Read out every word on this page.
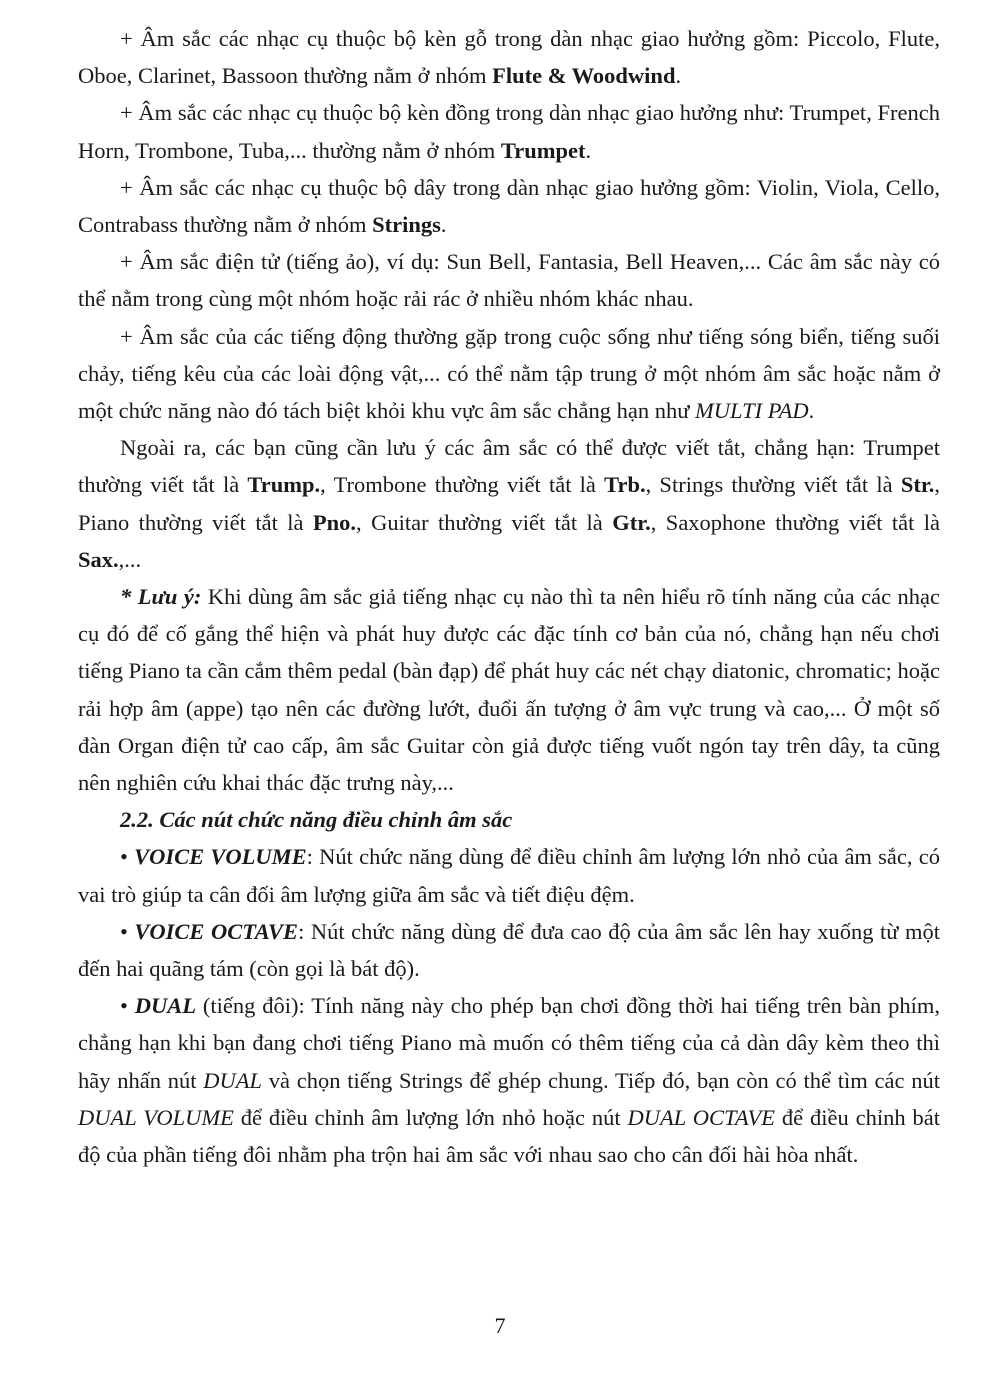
+ Âm sắc các nhạc cụ thuộc bộ kèn gỗ trong dàn nhạc giao hưởng gồm: Piccolo, Flute, Oboe, Clarinet, Bassoon thường nằm ở nhóm Flute & Woodwind.

+ Âm sắc các nhạc cụ thuộc bộ kèn đồng trong dàn nhạc giao hưởng như: Trumpet, French Horn, Trombone, Tuba,... thường nằm ở nhóm Trumpet.

+ Âm sắc các nhạc cụ thuộc bộ dây trong dàn nhạc giao hưởng gồm: Violin, Viola, Cello, Contrabass thường nằm ở nhóm Strings.

+ Âm sắc điện tử (tiếng ảo), ví dụ: Sun Bell, Fantasia, Bell Heaven,... Các âm sắc này có thể nằm trong cùng một nhóm hoặc rải rác ở nhiều nhóm khác nhau.

+ Âm sắc của các tiếng động thường gặp trong cuộc sống như tiếng sóng biển, tiếng suối chảy, tiếng kêu của các loài động vật,... có thể nằm tập trung ở một nhóm âm sắc hoặc nằm ở một chức năng nào đó tách biệt khỏi khu vực âm sắc chẳng hạn như MULTI PAD.

Ngoài ra, các bạn cũng cần lưu ý các âm sắc có thể được viết tắt, chẳng hạn: Trumpet thường viết tắt là Trump., Trombone thường viết tắt là Trb., Strings thường viết tắt là Str., Piano thường viết tắt là Pno., Guitar thường viết tắt là Gtr., Saxophone thường viết tắt là Sax.,...

* Lưu ý: Khi dùng âm sắc giả tiếng nhạc cụ nào thì ta nên hiểu rõ tính năng của các nhạc cụ đó để cố gắng thể hiện và phát huy được các đặc tính cơ bản của nó, chẳng hạn nếu chơi tiếng Piano ta cần cắm thêm pedal (bàn đạp) để phát huy các nét chạy diatonic, chromatic; hoặc rải hợp âm (appe) tạo nên các đường lướt, đuổi ấn tượng ở âm vực trung và cao,... Ở một số đàn Organ điện tử cao cấp, âm sắc Guitar còn giả được tiếng vuốt ngón tay trên dây, ta cũng nên nghiên cứu khai thác đặc trưng này,...

2.2. Các nút chức năng điều chỉnh âm sắc

• VOICE VOLUME: Nút chức năng dùng để điều chỉnh âm lượng lớn nhỏ của âm sắc, có vai trò giúp ta cân đối âm lượng giữa âm sắc và tiết điệu đệm.

• VOICE OCTAVE: Nút chức năng dùng để đưa cao độ của âm sắc lên hay xuống từ một đến hai quãng tám (còn gọi là bát độ).

• DUAL (tiếng đôi): Tính năng này cho phép bạn chơi đồng thời hai tiếng trên bàn phím, chẳng hạn khi bạn đang chơi tiếng Piano mà muốn có thêm tiếng của cả dàn dây kèm theo thì hãy nhấn nút DUAL và chọn tiếng Strings để ghép chung. Tiếp đó, bạn còn có thể tìm các nút DUAL VOLUME để điều chỉnh âm lượng lớn nhỏ hoặc nút DUAL OCTAVE để điều chỉnh bát độ của phần tiếng đôi nhằm pha trộn hai âm sắc với nhau sao cho cân đối hài hòa nhất.

7
